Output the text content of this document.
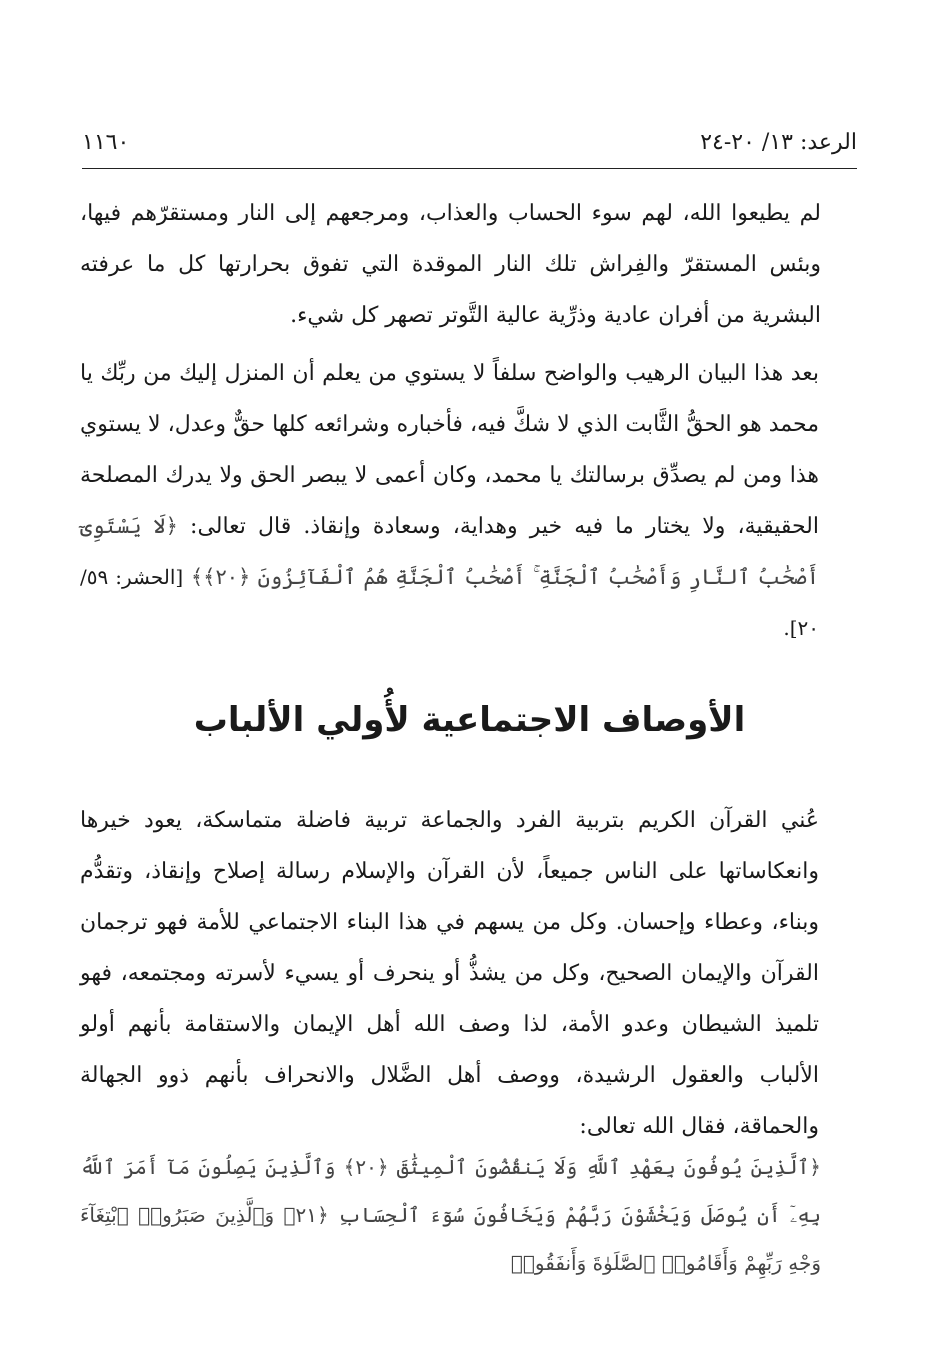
الرعد: ١٣/ ٢٠-٢٤
١١٦٠

لم يطيعوا الله، لهم سوء الحساب والعذاب، ومرجعهم إلى النار ومستقرّهم فيها، وبئس المستقرّ والفِراش تلك النار الموقدة التي تفوق بحرارتها كل ما عرفته البشرية من أفران عادية وذرِّية عالية التَّوتر تصهر كل شيء.

بعد هذا البيان الرهيب والواضح سلفاً لا يستوي من يعلم أن المنزل إليك من ربِّك يا محمد هو الحقُّ الثَّابت الذي لا شكَّ فيه، فأخباره وشرائعه كلها حقٌّ وعدل، لا يستوي هذا ومن لم يصدِّق برسالتك يا محمد، وكان أعمى لا يبصر الحق ولا يدرك المصلحة الحقيقية، ولا يختار ما فيه خير وهداية، وسعادة وإنقاذ. قال تعالى: ﴿لَا يَسْتَوِىٓ أَصْحَٰبُ ٱلنَّارِ وَأَصْحَٰبُ ٱلْجَنَّةِ ۚ أَصْحَٰبُ ٱلْجَنَّةِ هُمُ ٱلْفَآئِزُونَ ﴿٢٠﴾﴾ [الحشر: ٥٩/ ٢٠].

الأوصاف الاجتماعية لأُولي الألباب

عُني القرآن الكريم بتربية الفرد والجماعة تربية فاضلة متماسكة، يعود خيرها وانعكاساتها على الناس جميعاً، لأن القرآن والإسلام رسالة إصلاح وإنقاذ، وتقدُّم وبناء، وعطاء وإحسان. وكل من يسهم في هذا البناء الاجتماعي للأمة فهو ترجمان القرآن والإيمان الصحيح، وكل من يشذُّ أو ينحرف أو يسيء لأسرته ومجتمعه، فهو تلميذ الشيطان وعدو الأمة، لذا وصف الله أهل الإيمان والاستقامة بأنهم أولو الألباب والعقول الرشيدة، ووصف أهل الضَّلال والانحراف بأنهم ذوو الجهالة والحماقة، فقال الله تعالى:

﴿ٱلَّذِينَ يُوفُونَ بِعَهْدِ ٱللَّهِ وَلَا يَنقُضُونَ ٱلْمِيثَٰقَ ﴿٢٠﴾ وَٱلَّذِينَ يَصِلُونَ مَآ أَمَرَ ٱللَّهُ بِهِۦٓ أَن يُوصَلَ وَيَخْشَوْنَ رَبَّهُمْ وَيَخَافُونَ سُوٓءَ ٱلْحِسَابِ ﴿٢١﴾ وَٱلَّذِينَ صَبَرُوا۟ ٱبْتِغَآءَ وَجْهِ رَبِّهِمْ وَأَقَامُوا۟ ٱلصَّلَوٰةَ وَأَنفَقُوا۟
